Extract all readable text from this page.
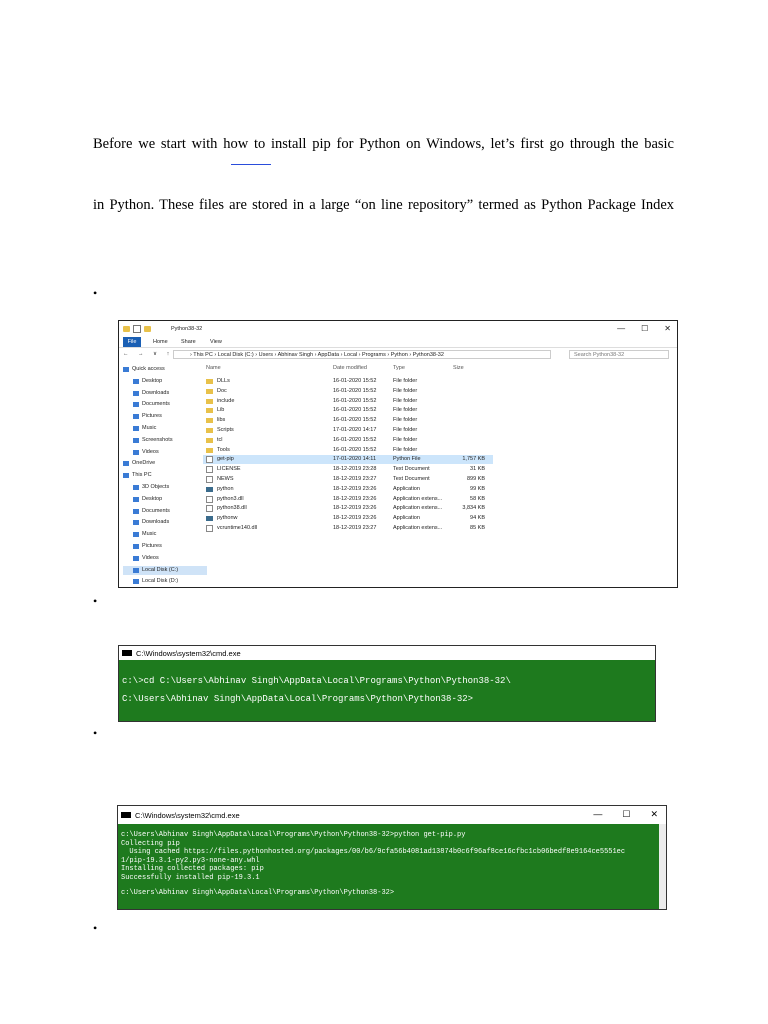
Before we start with how to install pip for Python on Windows, let’s first go through the basic
in Python. These files are stored in a large “on line repository” termed as Python Package Index
•
Python38-32	— ☐ ✕
File	Home Share	View
← → ∨ ↑	› This PC › Local Disk (C:) › Users › Abhinav Singh › AppData › Local › Programs › Python › Python38-32	Search Python38-32
Quick access
Desktop
Downloads
Documents
Pictures
Music
Screenshots
Videos
OneDrive
This PC
3D Objects
Desktop
Documents
Downloads
Music
Pictures
Videos
Local Disk (C:)
Local Disk (D:)
Name	Date modified	Type	Size
DLLs	16-01-2020 15:52	File folder
Doc	16-01-2020 15:52	File folder
include	16-01-2020 15:52	File folder
Lib	16-01-2020 15:52	File folder
libs	16-01-2020 15:52	File folder
Scripts	17-01-2020 14:17	File folder
tcl	16-01-2020 15:52	File folder
Tools	16-01-2020 15:52	File folder
get-pip	17-01-2020 14:11	Python File	1,757 KB
LICENSE	18-12-2019 23:28	Text Document	31 KB
NEWS	18-12-2019 23:27	Text Document	899 KB
python	18-12-2019 23:26	Application	99 KB
python3.dll	18-12-2019 23:26	Application extens...	58 KB
python38.dll	18-12-2019 23:26	Application extens...	3,834 KB
pythonw	18-12-2019 23:26	Application	94 KB
vcruntime140.dll	18-12-2019 23:27	Application extens...	85 KB
•
C:\Windows\system32\cmd.exe
c:\>cd C:\Users\Abhinav Singh\AppData\Local\Programs\Python\Python38-32\
C:\Users\Abhinav Singh\AppData\Local\Programs\Python\Python38-32>
•
C:\Windows\system32\cmd.exe	— ☐ ✕
c:\Users\Abhinav Singh\AppData\Local\Programs\Python\Python38-32>python get-pip.py
Collecting pip
Using cached https://files.pythonhosted.org/packages/00/b6/9cfa56b4081ad13874b0c6f96af8ce16cfbc1cb06bedf8e9164ce5551ec
1/pip-19.3.1-py2.py3-none-any.whl
Installing collected packages: pip
Successfully installed pip-19.3.1
c:\Users\Abhinav Singh\AppData\Local\Programs\Python\Python38-32>
•
